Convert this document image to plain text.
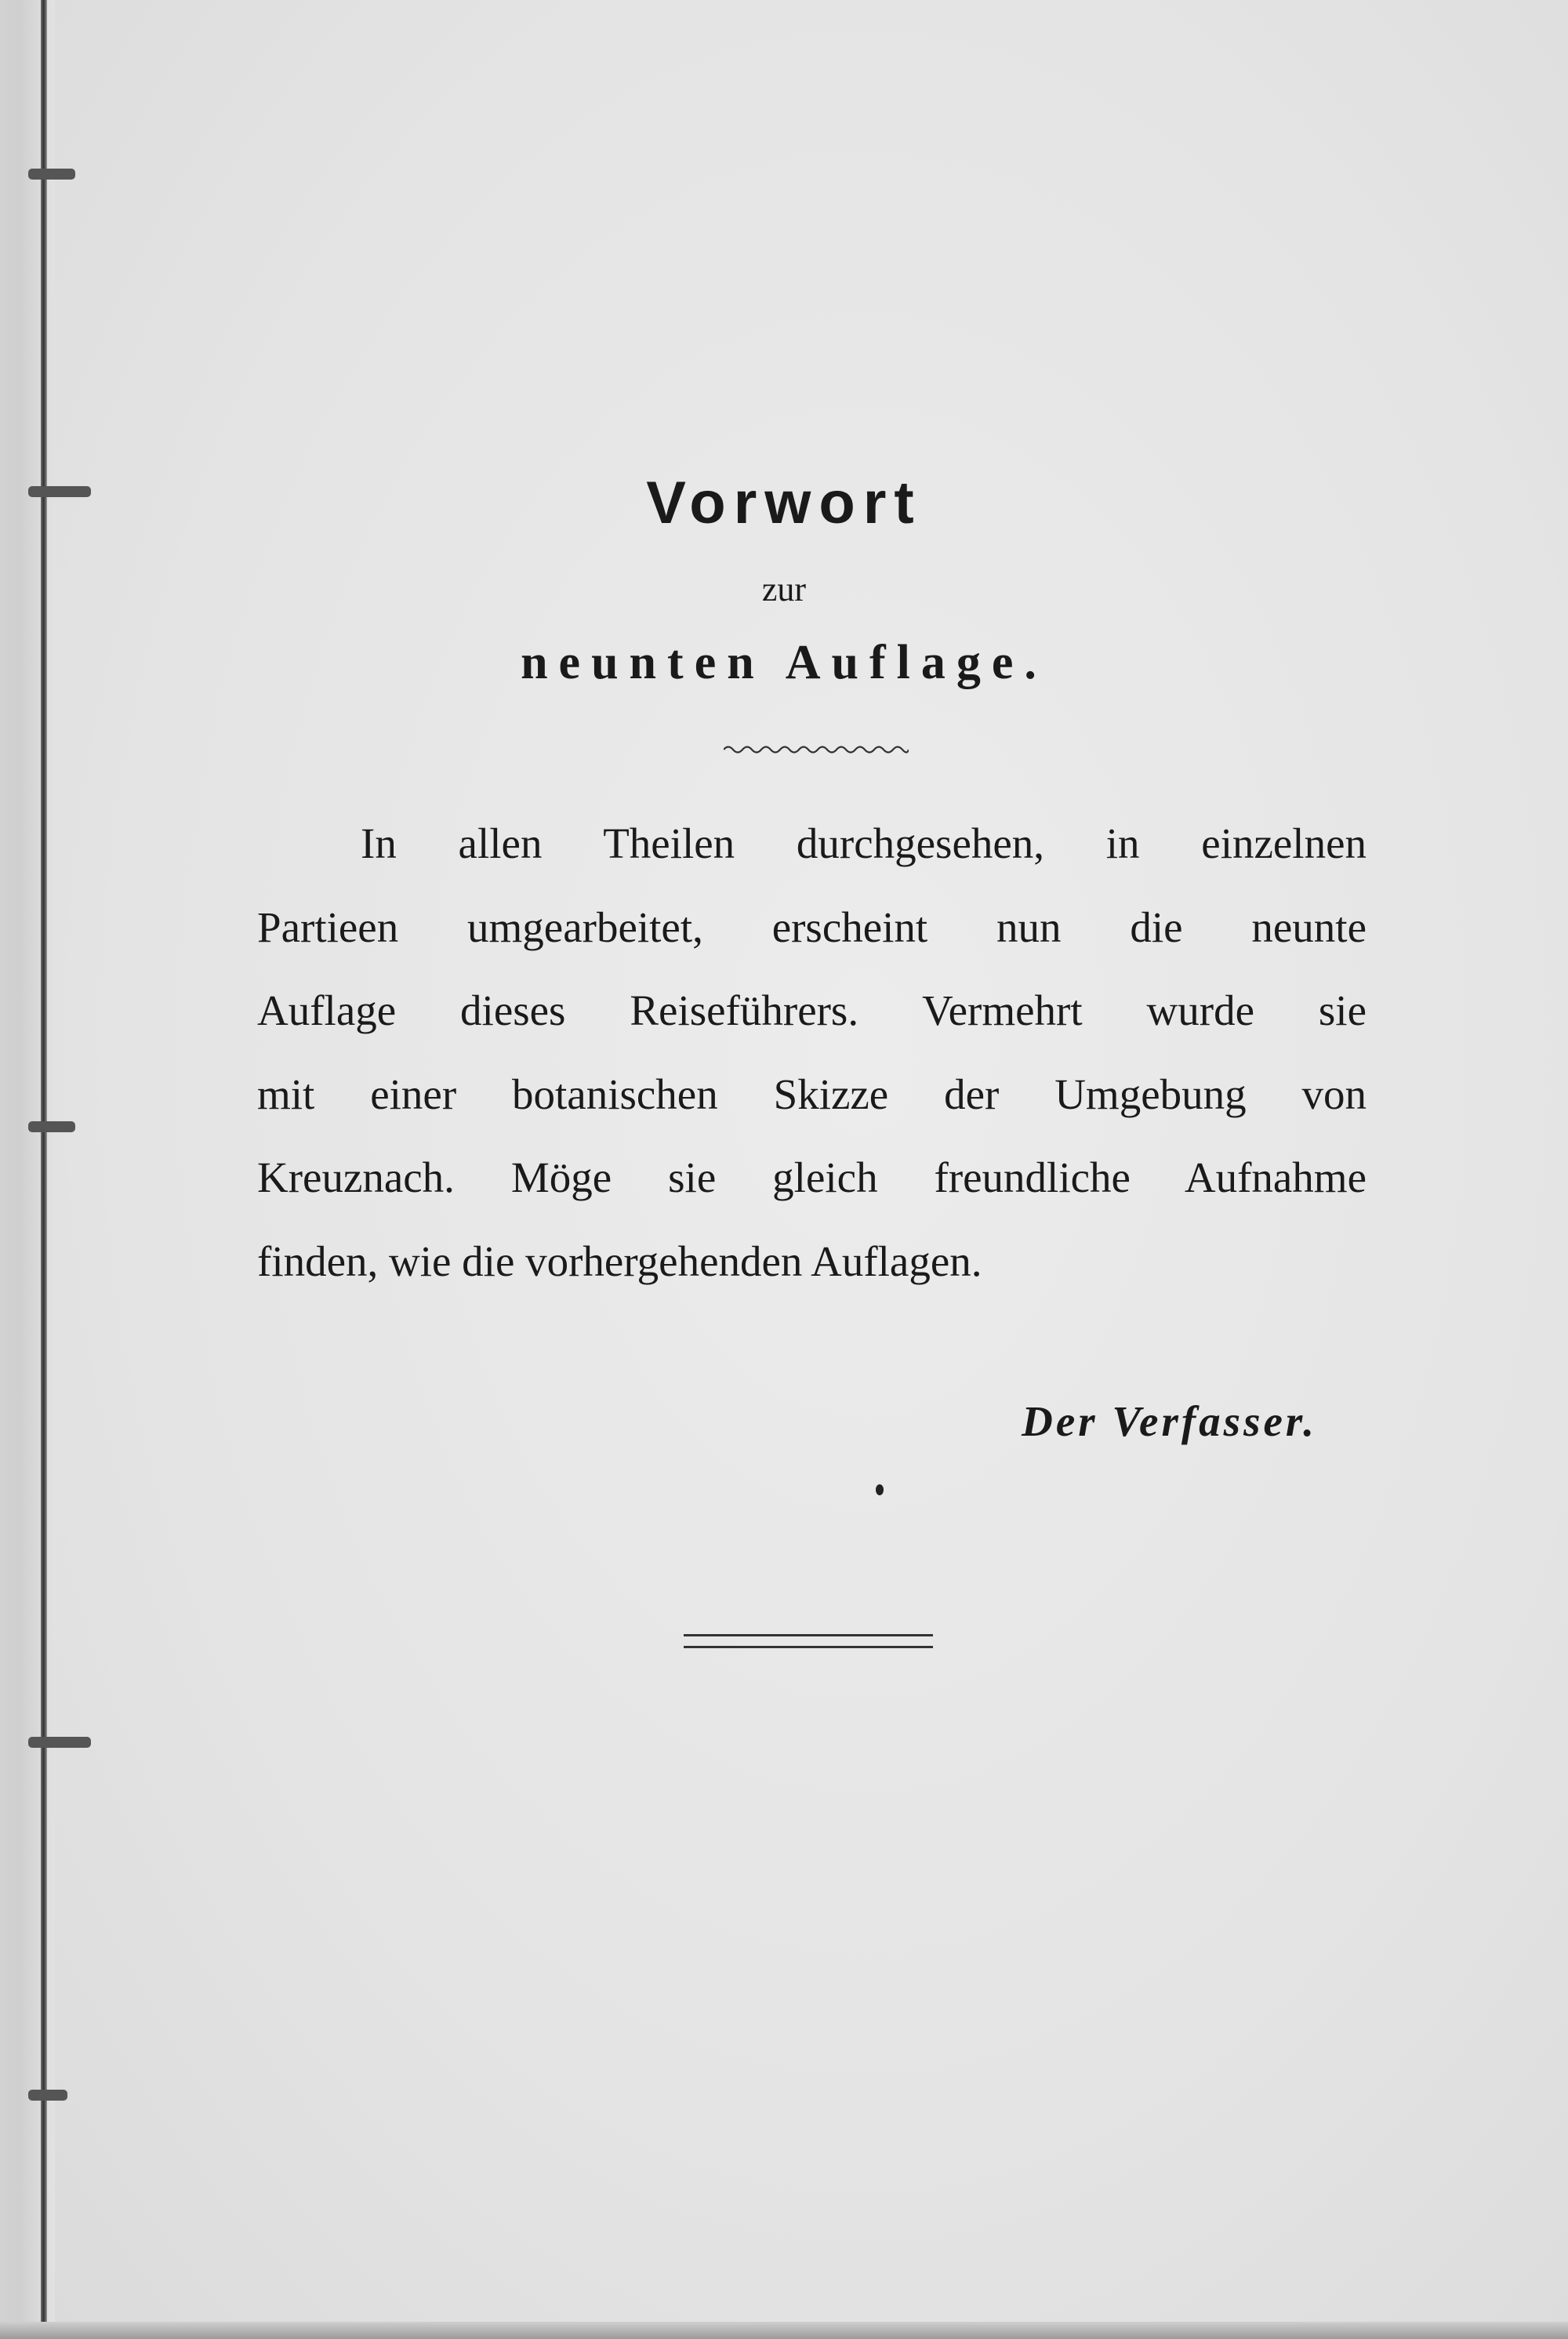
Vorwort
zur
neunten Auflage.
In allen Theilen durchgesehen, in einzelnen
Partieen umgearbeitet, erscheint nun die neunte
Auflage dieses Reiseführers. Vermehrt wurde sie
mit einer botanischen Skizze der Umgebung von
Kreuznach. Möge sie gleich freundliche Aufnahme
finden, wie die vorhergehenden Auflagen.
Der Verfasser.
